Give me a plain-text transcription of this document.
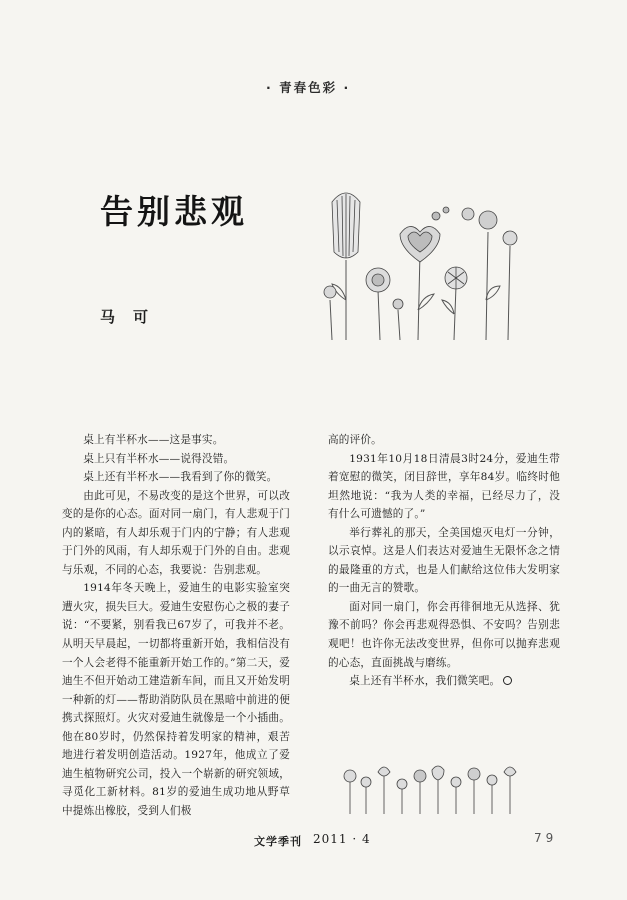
· 青春色彩 ·
告别悲观
马可

桌上有半杯水——这是事实。

桌上只有半杯水——说得没错。

桌上还有半杯水——我看到了你的微笑。

由此可见，不易改变的是这个世界，可以改变的是你的心态。面对同一扇门，有人悲观于门内的紧暗，有人却乐观于门内的宁静；有人悲观于门外的风雨，有人却乐观于门外的自由。悲观与乐观，不同的心态，我要说：告别悲观。

1914年冬天晚上，爱迪生的电影实验室突遭火灾，损失巨大。爱迪生安慰伤心之极的妻子说：“不要紧，别看我已67岁了，可我并不老。从明天早晨起，一切都将重新开始，我相信没有一个人会老得不能重新开始工作的。”第二天，爱迪生不但开始动工建造新车间，而且又开始发明一种新的灯——帮助消防队员在黑暗中前进的便携式探照灯。火灾对爱迪生就像是一个小插曲。他在80岁时，仍然保持着发明家的精神，艰苦地进行着发明创造活动。1927年，他成立了爱迪生植物研究公司，投入一个崭新的研究领域，寻觅化工新材料。81岁的爱迪生成功地从野草中提炼出橡胶，受到人们极

高的评价。

1931年10月18日清晨3时24分，爱迪生带着宽慰的微笑，闭目辞世，享年84岁。临终时他坦然地说：“我为人类的幸福，已经尽力了，没有什么可遗憾的了。”

举行葬礼的那天，全美国熄灭电灯一分钟，以示哀悼。这是人们表达对爱迪生无限怀念之情的最隆重的方式，也是人们献给这位伟大发明家的一曲无言的赞歌。

面对同一扇门，你会再徘徊地无从选择、犹豫不前吗？你会再悲观得恐惧、不安吗？告别悲观吧！也许你无法改变世界，但你可以抛弃悲观的心态，直面挑战与磨练。

桌上还有半杯水，我们微笑吧。

文学季刊 2011 · 4	79
